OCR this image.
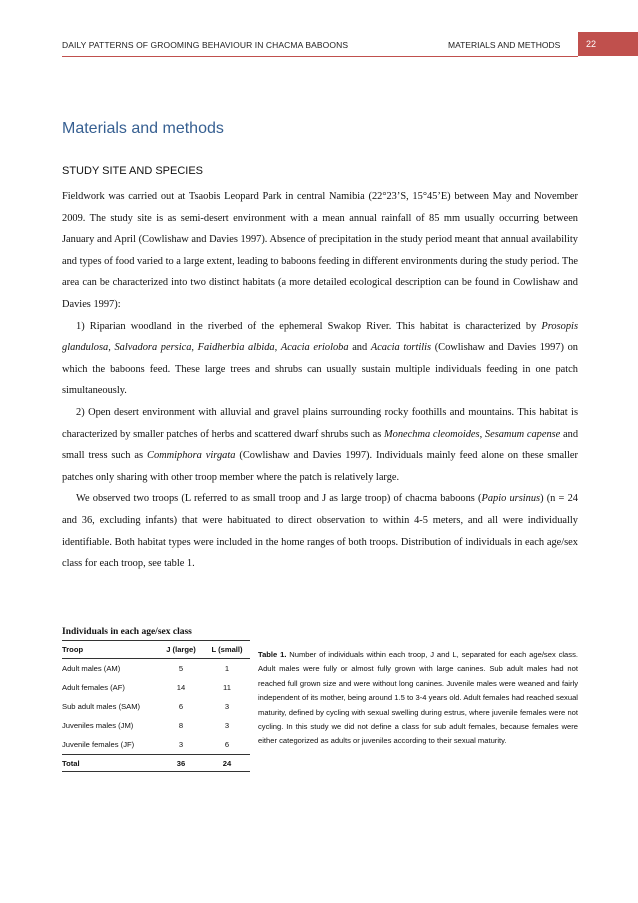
DAILY PATTERNS OF GROOMING BEHAVIOUR IN CHACMA BABOONS	MATERIALS AND METHODS	22
Materials and methods
STUDY SITE AND SPECIES

Fieldwork was carried out at Tsaobis Leopard Park in central Namibia (22°23’S, 15°45’E) between May and November 2009. The study site is as semi-desert environment with a mean annual rainfall of 85 mm usually occurring between January and April (Cowlishaw and Davies 1997). Absence of precipitation in the study period meant that annual availability and types of food varied to a large extent, leading to baboons feeding in different environments during the study period. The area can be characterized into two distinct habitats (a more detailed ecological description can be found in Cowlishaw and Davies 1997):

1) Riparian woodland in the riverbed of the ephemeral Swakop River. This habitat is characterized by Prosopis glandulosa, Salvadora persica, Faidherbia albida, Acacia erioloba and Acacia tortilis (Cowlishaw and Davies 1997) on which the baboons feed. These large trees and shrubs can usually sustain multiple individuals feeding in one patch simultaneously.

2) Open desert environment with alluvial and gravel plains surrounding rocky foothills and mountains. This habitat is characterized by smaller patches of herbs and scattered dwarf shrubs such as Monechma cleomoides, Sesamum capense and small tress such as Commiphora virgata (Cowlishaw and Davies 1997). Individuals mainly feed alone on these smaller patches only sharing with other troop member where the patch is relatively large.

We observed two troops (L referred to as small troop and J as large troop) of chacma baboons (Papio ursinus) (n = 24 and 36, excluding infants) that were habituated to direct observation to within 4-5 meters, and all were individually identifiable. Both habitat types were included in the home ranges of both troops. Distribution of individuals in each age/sex class for each troop, see table 1.

Individuals in each age/sex class
Troop	J (large)	L (small)
Adult males (AM)	5	1
Adult females (AF)	14	11
Sub adult males (SAM)	6	3
Juveniles males (JM)	8	3
Juvenile females (JF)	3	6
Total	36	24
Table 1. Number of individuals within each troop, J and L, separated for each age/sex class. Adult males were fully or almost fully grown with large canines. Sub adult males had not reached full grown size and were without long canines. Juvenile males were weaned and fairly independent of its mother, being around 1.5 to 3-4 years old. Adult females had reached sexual maturity, defined by cycling with sexual swelling during estrus, where juvenile females were not cycling. In this study we did not define a class for sub adult females, because females were either categorized as adults or juveniles according to their sexual maturity.
